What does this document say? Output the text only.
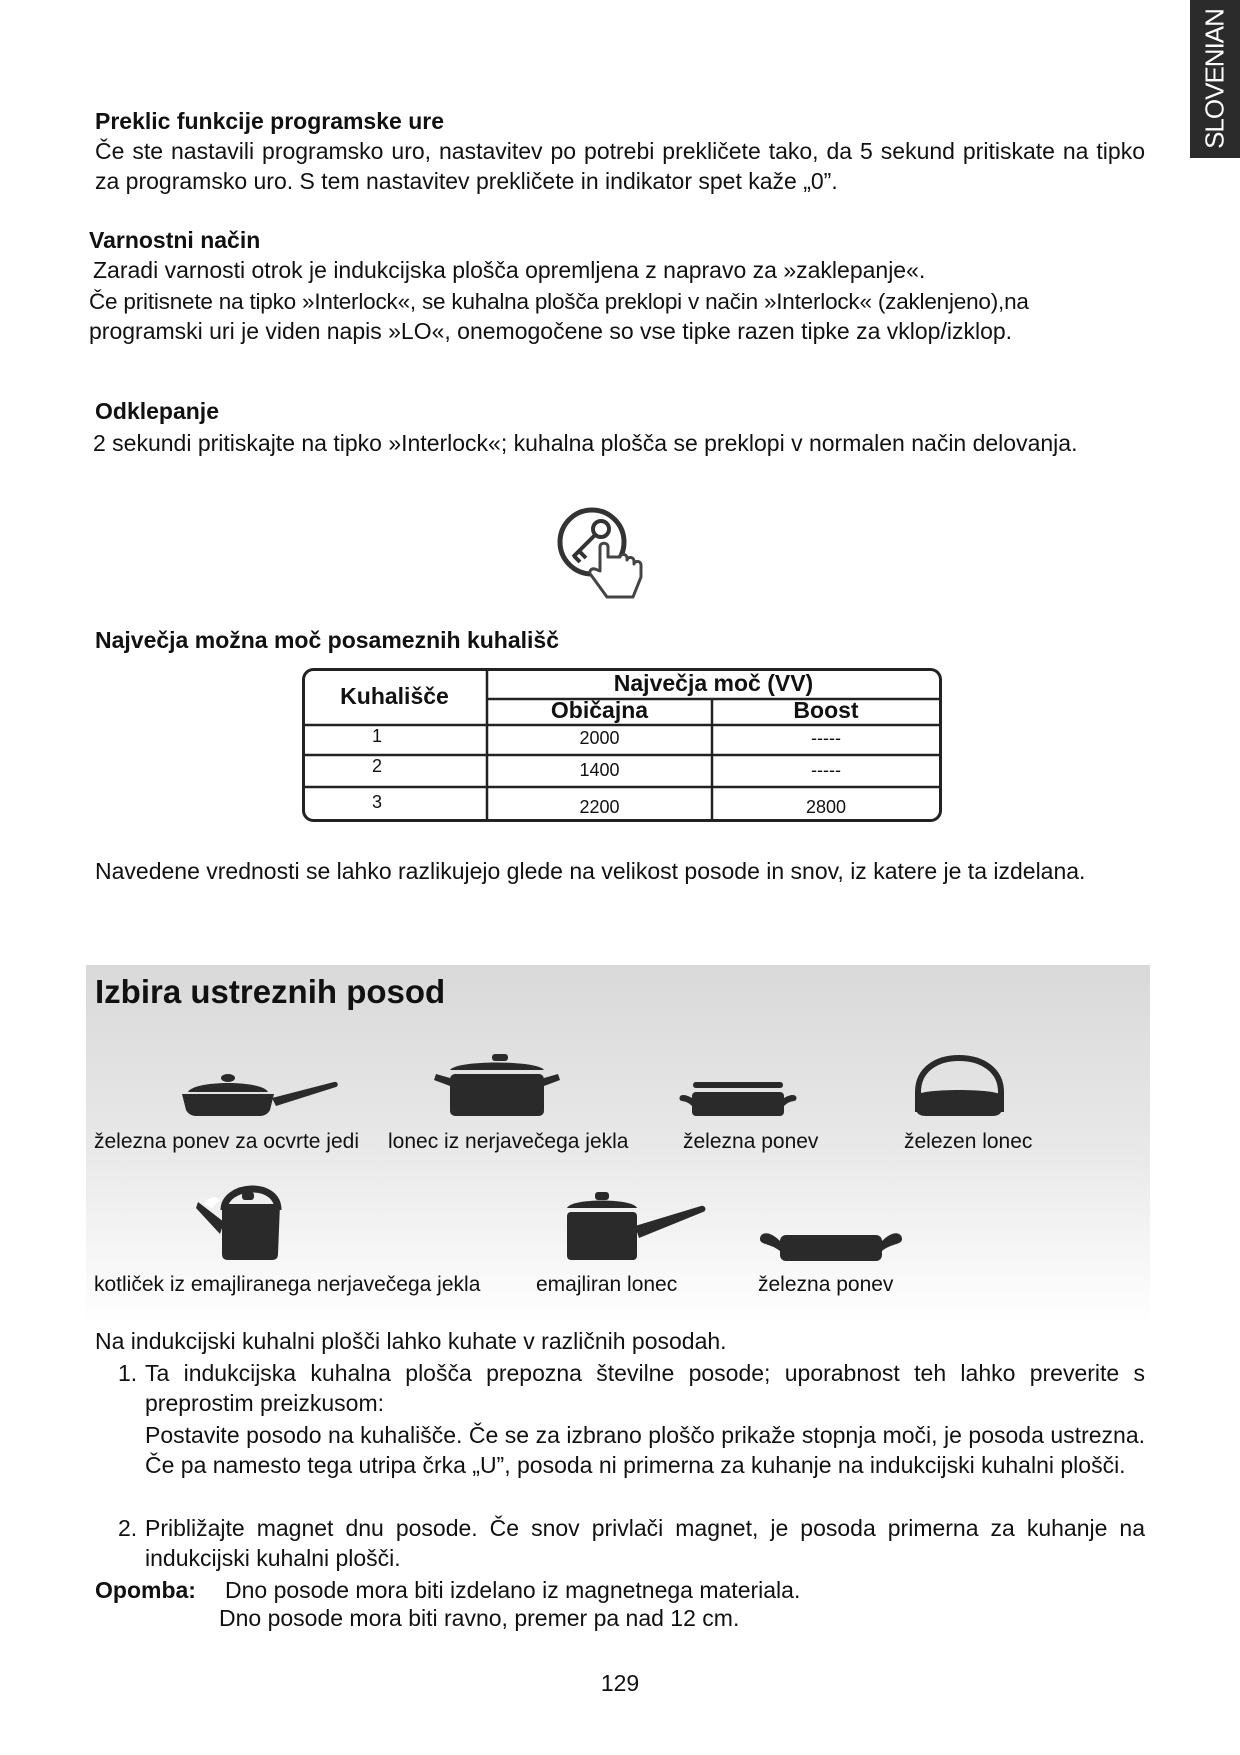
SLOVENIAN
Preklic funkcije programske ure
Če ste nastavili programsko uro, nastavitev po potrebi prekličete tako, da 5 sekund pritiskate na tipko za programsko uro. S tem nastavitev prekličete in indikator spet kaže „0”.
Varnostni način
Zaradi varnosti otrok je indukcijska plošča opremljena z napravo za »zaklepanje«.
Če pritisnete na tipko »Interlock«, se kuhalna plošča preklopi v način »Interlock« (zaklenjeno),na
programski uri je viden napis »LO«, onemogočene so vse tipke razen tipke za vklop/izklop.
Odklepanje
2 sekundi pritiskajte na tipko »Interlock«; kuhalna plošča se preklopi v normalen način delovanja.
Največja možna moč posameznih kuhališč
Kuhališče	Največja moč (VV)
Običajna	Boost
1	2000	-----
2	1400	-----
3	2200	2800
Navedene vrednosti se lahko razlikujejo glede na velikost posode in snov, iz katere je ta izdelana.
Izbira ustreznih posod
železna ponev za ocvrte jedi lonec iz nerjavečega jekla	železna ponev	železen lonec
kotliček iz emajliranega nerjavečega jekla	emajliran lonec	železna ponev
Na indukcijski kuhalni plošči lahko kuhate v različnih posodah.
1. Ta indukcijska kuhalna plošča prepozna številne posode; uporabnost teh lahko preverite s preprostim preizkusom:
Postavite posodo na kuhališče. Če se za izbrano ploščo prikaže stopnja moči, je posoda ustrezna. Če pa namesto tega utripa črka „U”, posoda ni primerna za kuhanje na indukcijski kuhalni plošči.
2. Približajte magnet dnu posode. Če snov privlači magnet, je posoda primerna za kuhanje na indukcijski kuhalni plošči.
Opomba: Dno posode mora biti izdelano iz magnetnega materiala.
Dno posode mora biti ravno, premer pa nad 12 cm.
129
